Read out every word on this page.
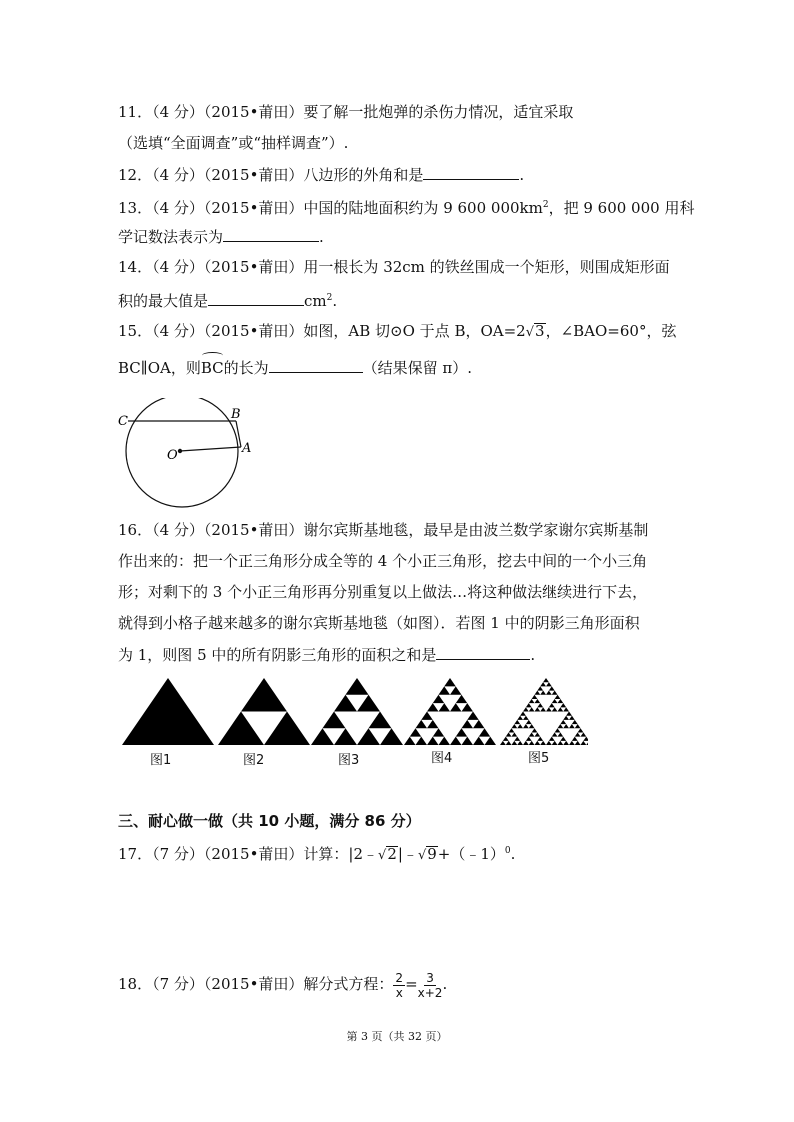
11．（4 分）（2015•莆田）要了解一批炮弹的杀伤力情况，适宜采取
（选填“全面调查”或“抽样调查”）.
12．（4 分）（2015•莆田）八边形的外角和是	.
13．（4 分）（2015•莆田）中国的陆地面积约为 9 600 $000km^2$，把 9 600 000 用科
学记数法表示为	.
14．（4 分）（2015•莆田）用一根长为 32cm 的铁丝围成一个矩形，则围成矩形面
积的最大值是	$cm^2$.
15．（4 分）（2015•莆田）如图，AB 切⊙O 于点 B，OA=2√3，∠BAO=60°，弦
BC∥OA，则
BC的长为	（结果保留 π）.
C	B
O	A
16．（4 分）（2015•莆田）谢尔宾斯基地毯，最早是由波兰数学家谢尔宾斯基制
作出来的：把一个正三角形分成全等的 4 个小正三角形，挖去中间的一个小三角
形；对剩下的 3 个小正三角形再分别重复以上做法…将这种做法继续进行下去，
就得到小格子越来越多的谢尔宾斯基地毯（如图）．若图 1 中的阴影三角形面积
为 1，则图 5 中的所有阴影三角形的面积之和是	.
图1	图2	图3	图4	图5
三、耐心做一做（共 10 小题，满分 86 分）
17．（7 分）（2015•莆田）计算：|2﹣√2|﹣√9+（﹣1）$^0$.
18．（7 分）（2015•莆田）解分式方程： $\frac{2}{x} = \frac{3}{x+2}$ .
第 3 页（共 32 页）
